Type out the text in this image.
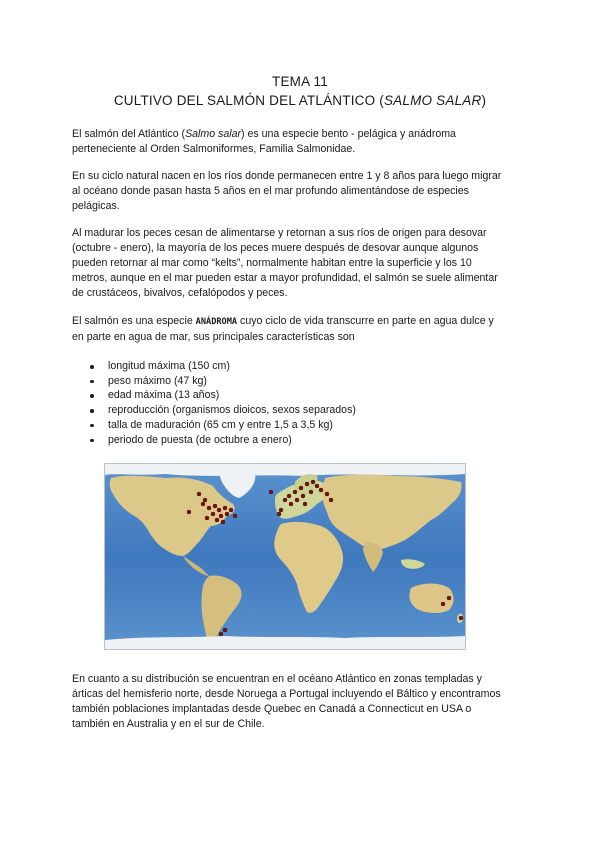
TEMA 11

CULTIVO DEL SALMÓN DEL ATLÁNTICO (SALMO SALAR)

El salmón del Atlántico (Salmo salar) es una especie bento - pelágica y anádroma
perteneciente al Orden Salmoniformes, Familia Salmonidae.

En su ciclo natural nacen en los ríos donde permanecen entre 1 y 8 años para luego migrar
al océano donde pasan hasta 5 años en el mar profundo alimentándose de especies
pelágicas.

Al madurar los peces cesan de alimentarse y retornan a sus ríos de origen para desovar
(octubre - enero), la mayoría de los peces muere después de desovar aunque algunos
pueden retornar al mar como “kelts”, normalmente habitan entre la superficie y los 10
metros, aunque en el mar pueden estar a mayor profundidad, el salmón se suele alimentar
de crustáceos, bivalvos, cefalópodos y peces.

El salmón es una especie ANÁDROMA cuyo ciclo de vida transcurre en parte en agua dulce y
en parte en agua de mar, sus principales características son

longitud máxima (150 cm)
peso máximo (47 kg)
edad máxima (13 años)
reproducción (organismos dioicos, sexos separados)
talla de maduración (65 cm y entre 1,5 a 3,5 kg)
periodo de puesta (de octubre a enero)

En cuanto a su distribución se encuentran en el océano Atlántico en zonas templadas y
árticas del hemisferio norte, desde Noruega a Portugal incluyendo el Báltico y encontramos
también poblaciones implantadas desde Quebec en Canadá a Connecticut en USA o
también en Australia y en el sur de Chile.
